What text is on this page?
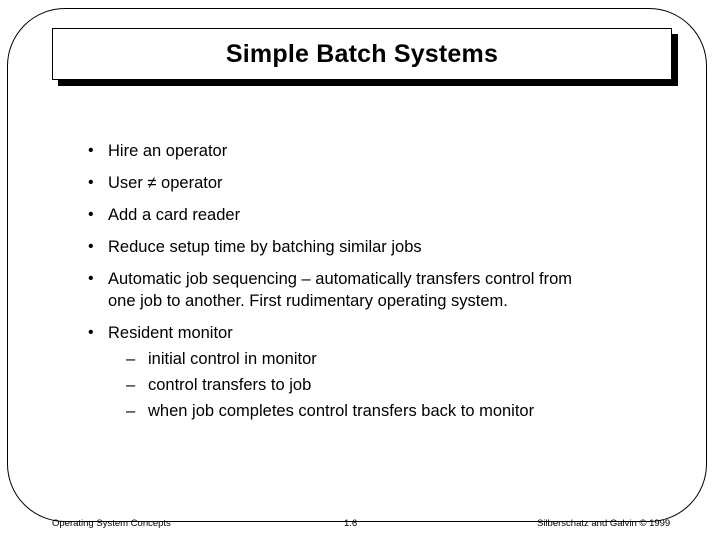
Simple Batch Systems
• Hire an operator
• User ≠ operator
• Add a card reader
• Reduce setup time by batching similar jobs
• Automatic job sequencing – automatically transfers control from
one job to another. First rudimentary operating system.
• Resident monitor
– initial control in monitor
– control transfers to job
– when job completes control transfers back to monitor
Operating System Concepts	1.6	Silberschatz and Galvin © 1999
